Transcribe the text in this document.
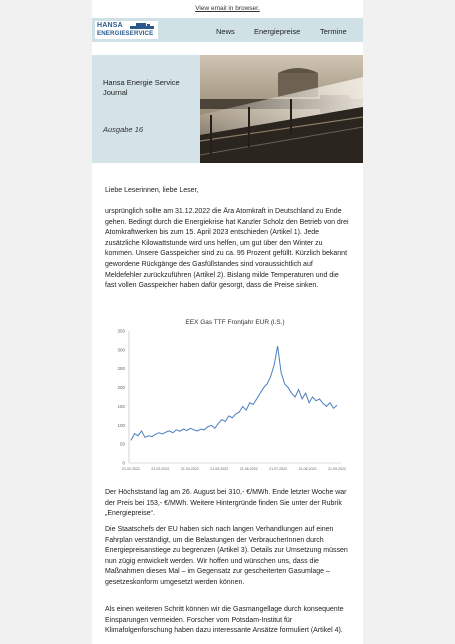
View email in browser.
HANSA
ENERGIESERVICE	News	Energiepreise	Termine
Hansa Energie Service Journal
Ausgabe 16
Liebe Leserinnen, liebe Leser,
ursprünglich sollte am 31.12.2022 die Ära Atomkraft in Deutschland zu Ende gehen. Bedingt durch die Energiekrise hat Kanzler Scholz den Betrieb von drei Atomkraftwerken bis zum 15. April 2023 entschieden (Artikel 1). Jede zusätzliche Kilowattstunde wird uns helfen, um gut über den Winter zu kommen. Unsere Gasspeicher sind zu ca. 95 Prozent gefüllt. Kürzlich bekannt gewordene Rückgänge des Gasfüllstandes sind voraussichtlich auf Meldefehler zurückzuführen (Artikel 2). Bislang milde Temperaturen und die fast vollen Gasspeicher haben dafür gesorgt, dass die Preise sinken.
EEX Gas TTF Frontjahr EUR (l.S.)
0
50
100
150
200
250
300
350
21.02.2022	21.03.2022	21.04.2022	21.05.2022	21.06.2022	21.07.2022	21.08.2022	21.09.2022
Der Höchststand lag am 26. August bei 310,- €/MWh. Ende letzter Woche war der Preis bei 153,- €/MWh. Weitere Hintergründe finden Sie unter der Rubrik „Energiepreise“.
Die Staatschefs der EU haben sich nach langen Verhandlungen auf einen Fahrplan verständigt, um die Belastungen der VerbraucherInnen durch Energiepreisanstiege zu begrenzen (Artikel 3). Details zur Umsetzung müssen nun zügig entwickelt werden. Wir hoffen und wünschen uns, dass die Maßnahmen dieses Mal – im Gegensatz zur gescheiterten Gasumlage – gesetzeskonform umgesetzt werden können.
Als einen weiteren Schritt können wir die Gasmangellage durch konsequente Einsparungen vermeiden. Forscher vom Potsdam-Institut für Klimafolgenforschung haben dazu interessante Ansätze formuliert (Artikel 4).
